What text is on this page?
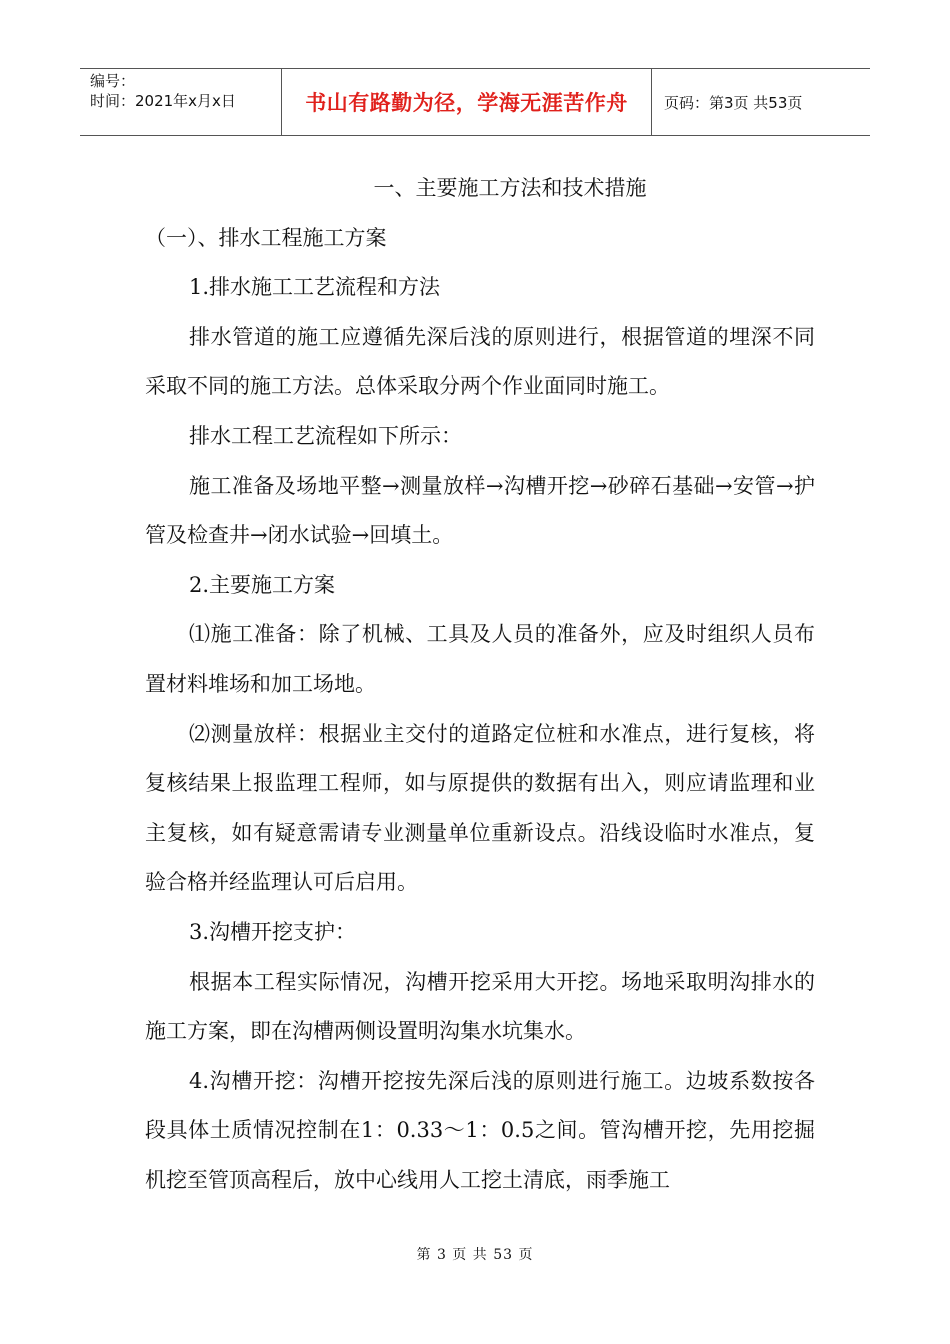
编号：
时间：2021年x月x日	书山有路勤为径，学海无涯苦作舟	页码：第3页 共53页

一、主要施工方法和技术措施

（一）、排水工程施工方案

1.排水施工工艺流程和方法

排水管道的施工应遵循先深后浅的原则进行，根据管道的埋深不同采取不同的施工方法。总体采取分两个作业面同时施工。

排水工程工艺流程如下所示：

施工准备及场地平整→测量放样→沟槽开挖→砂碎石基础→安管→护管及检查井→闭水试验→回填土。

2.主要施工方案

⑴施工准备：除了机械、工具及人员的准备外，应及时组织人员布置材料堆场和加工场地。

⑵测量放样：根据业主交付的道路定位桩和水准点，进行复核，将复核结果上报监理工程师，如与原提供的数据有出入，则应请监理和业主复核，如有疑意需请专业测量单位重新设点。沿线设临时水准点，复验合格并经监理认可后启用。

3.沟槽开挖支护：

根据本工程实际情况，沟槽开挖采用大开挖。场地采取明沟排水的施工方案，即在沟槽两侧设置明沟集水坑集水。

4.沟槽开挖：沟槽开挖按先深后浅的原则进行施工。边坡系数按各段具体土质情况控制在1：0.33～1：0.5之间。管沟槽开挖，先用挖掘机挖至管顶高程后，放中心线用人工挖土清底，雨季施工

第 3 页 共 53 页
